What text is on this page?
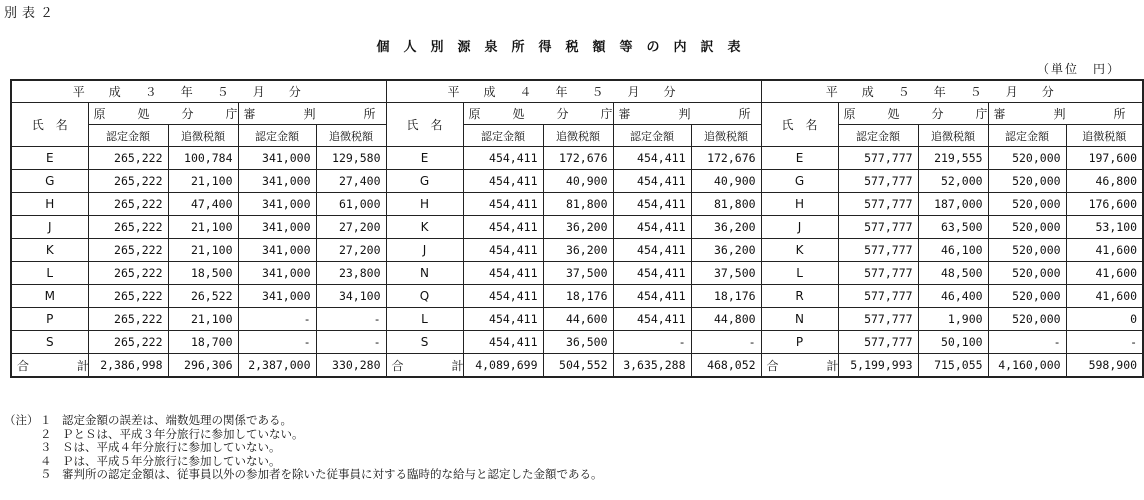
別表２
個人別源泉所得税額等の内訳表
（単位　円）
平成３年５月分					平成４年５月分					平成５年５月分				
氏　名	原　処　分　庁		審　判　所		氏　名	原　処　分　庁		審　判　所		氏　名	原　処　分　庁		審　判　所	
	認定金額	追徴税額	認定金額	追徴税額		認定金額	追徴税額	認定金額	追徴税額		認定金額	追徴税額	認定金額	追徴税額
E	265,222	100,784	341,000	129,580	E	454,411	172,676	454,411	172,676	E	577,777	219,555	520,000	197,600
G	265,222	21,100	341,000	27,400	G	454,411	40,900	454,411	40,900	G	577,777	52,000	520,000	46,800
H	265,222	47,400	341,000	61,000	H	454,411	81,800	454,411	81,800	H	577,777	187,000	520,000	176,600
J	265,222	21,100	341,000	27,200	K	454,411	36,200	454,411	36,200	J	577,777	63,500	520,000	53,100
K	265,222	21,100	341,000	27,200	J	454,411	36,200	454,411	36,200	K	577,777	46,100	520,000	41,600
L	265,222	18,500	341,000	23,800	N	454,411	37,500	454,411	37,500	L	577,777	48,500	520,000	41,600
M	265,222	26,522	341,000	34,100	Q	454,411	18,176	454,411	18,176	R	577,777	46,400	520,000	41,600
P	265,222	21,100	-	-	L	454,411	44,600	454,411	44,800	N	577,777	1,900	520,000	0
S	265,222	18,700	-	-	S	454,411	36,500	-	-	P	577,777	50,100	-	-
合　計	2,386,998	296,306	2,387,000	330,280	合　計	4,089,699	504,552	3,635,288	468,052	合　計	5,199,993	715,055	4,160,000	598,900
（注） １ 認定金額の誤差は、端数処理の関係である。
２ ＰとＳは、平成３年分旅行に参加していない。
３ Ｓは、平成４年分旅行に参加していない。
４ Ｐは、平成５年分旅行に参加していない。
５ 審判所の認定金額は、従事員以外の参加者を除いた従事員に対する臨時的な給与と認定した金額である。
